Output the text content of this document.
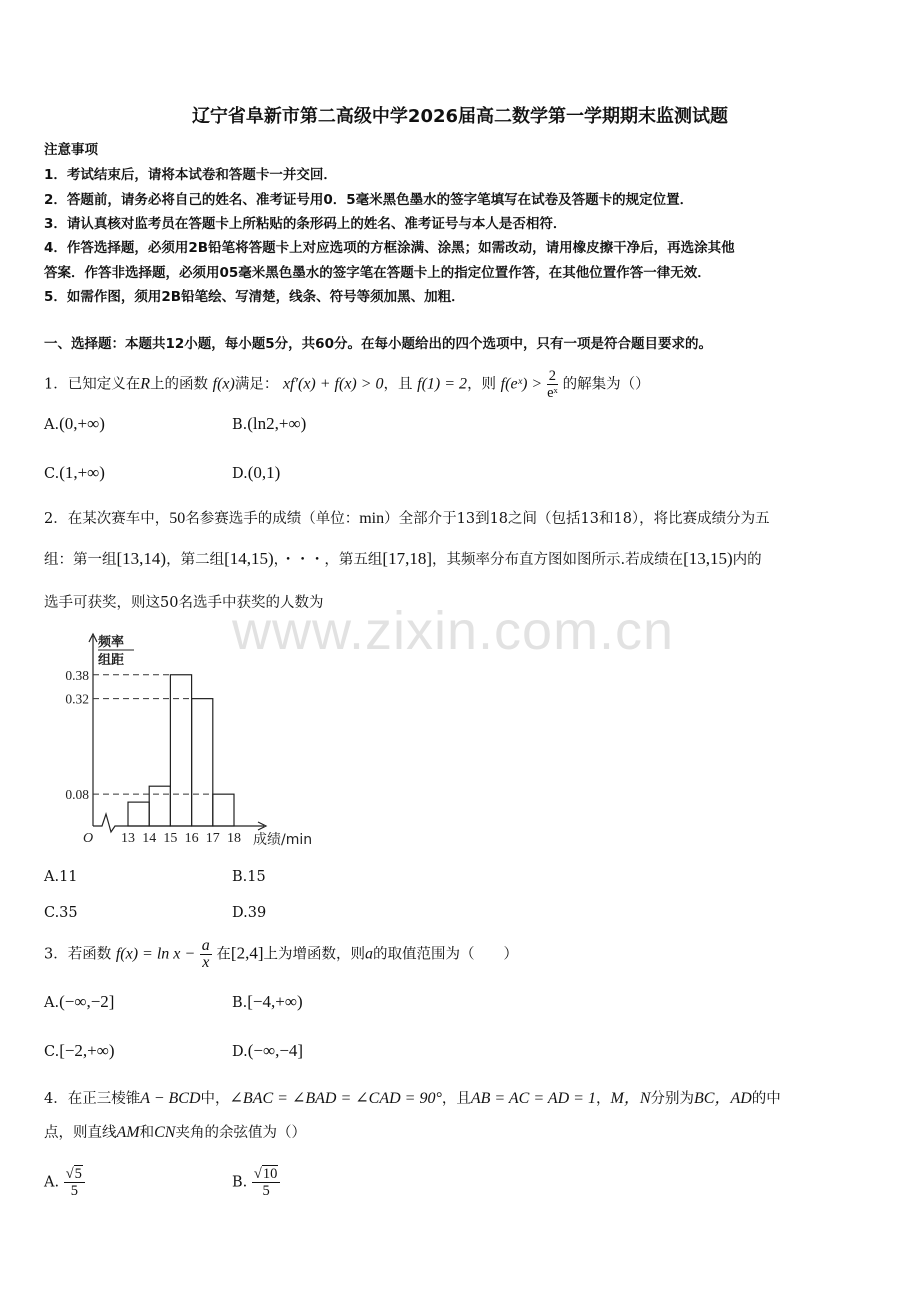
www.zixin.com.cn
辽宁省阜新市第二高级中学2026届高二数学第一学期期末监测试题
注意事项
1．考试结束后，请将本试卷和答题卡一并交回．
2．答题前，请务必将自己的姓名、准考证号用0．5毫米黑色墨水的签字笔填写在试卷及答题卡的规定位置．
3．请认真核对监考员在答题卡上所粘贴的条形码上的姓名、准考证号与本人是否相符．
4．作答选择题，必须用2B铅笔将答题卡上对应选项的方框涂满、涂黑；如需改动，请用橡皮擦干净后，再选涂其他
答案．作答非选择题，必须用05毫米黑色墨水的签字笔在答题卡上的指定位置作答，在其他位置作答一律无效．
5．如需作图，须用2B铅笔绘、写清楚，线条、符号等须加黑、加粗．
一、选择题：本题共12小题，每小题5分，共60分。在每小题给出的四个选项中，只有一项是符合题目要求的。
1．已知定义在R上的函数 f(x)满足： xf′(x) + f(x) > 0，且 f(1) = 2，则 f(eˣ) > $\frac{2}{\text{eˣ}}$ 的解集为（）
A.(0,+∞)	B.(ln2,+∞)
C.(1,+∞)	D.(0,1)
2．在某次赛车中，50名参赛选手的成绩（单位：min）全部介于13到18之间（包括13和18），将比赛成绩分为五
组：第一组[13,14)，第二组[14,15)，・・・，第五组[17,18]，其频率分布直方图如图所示.若成绩在[13,15)内的
选手可获奖，则这50名选手中获奖的人数为
频率
组距
0.38
0.32
0.08
13 14 15 16 17 18
O	成绩/min
A.11	B.15
C.35	D.39
3．若函数 $f(x) = \ln x - \frac{a}{x}$ 在[2,4]上为增函数，则a的取值范围为（　　）
A.(−∞,−2]	B.[−4,+∞)
C.[−2,+∞)	D.(−∞,−4]
4．在正三棱锥A − BCD中，∠BAC = ∠BAD = ∠CAD = 90°，且AB = AC = AD = 1，M，N分别为BC，AD的中
点，则直线AM和CN夹角的余弦值为（）
A. $\frac{√5}{5}$	B. $\frac{√10}{5}$
